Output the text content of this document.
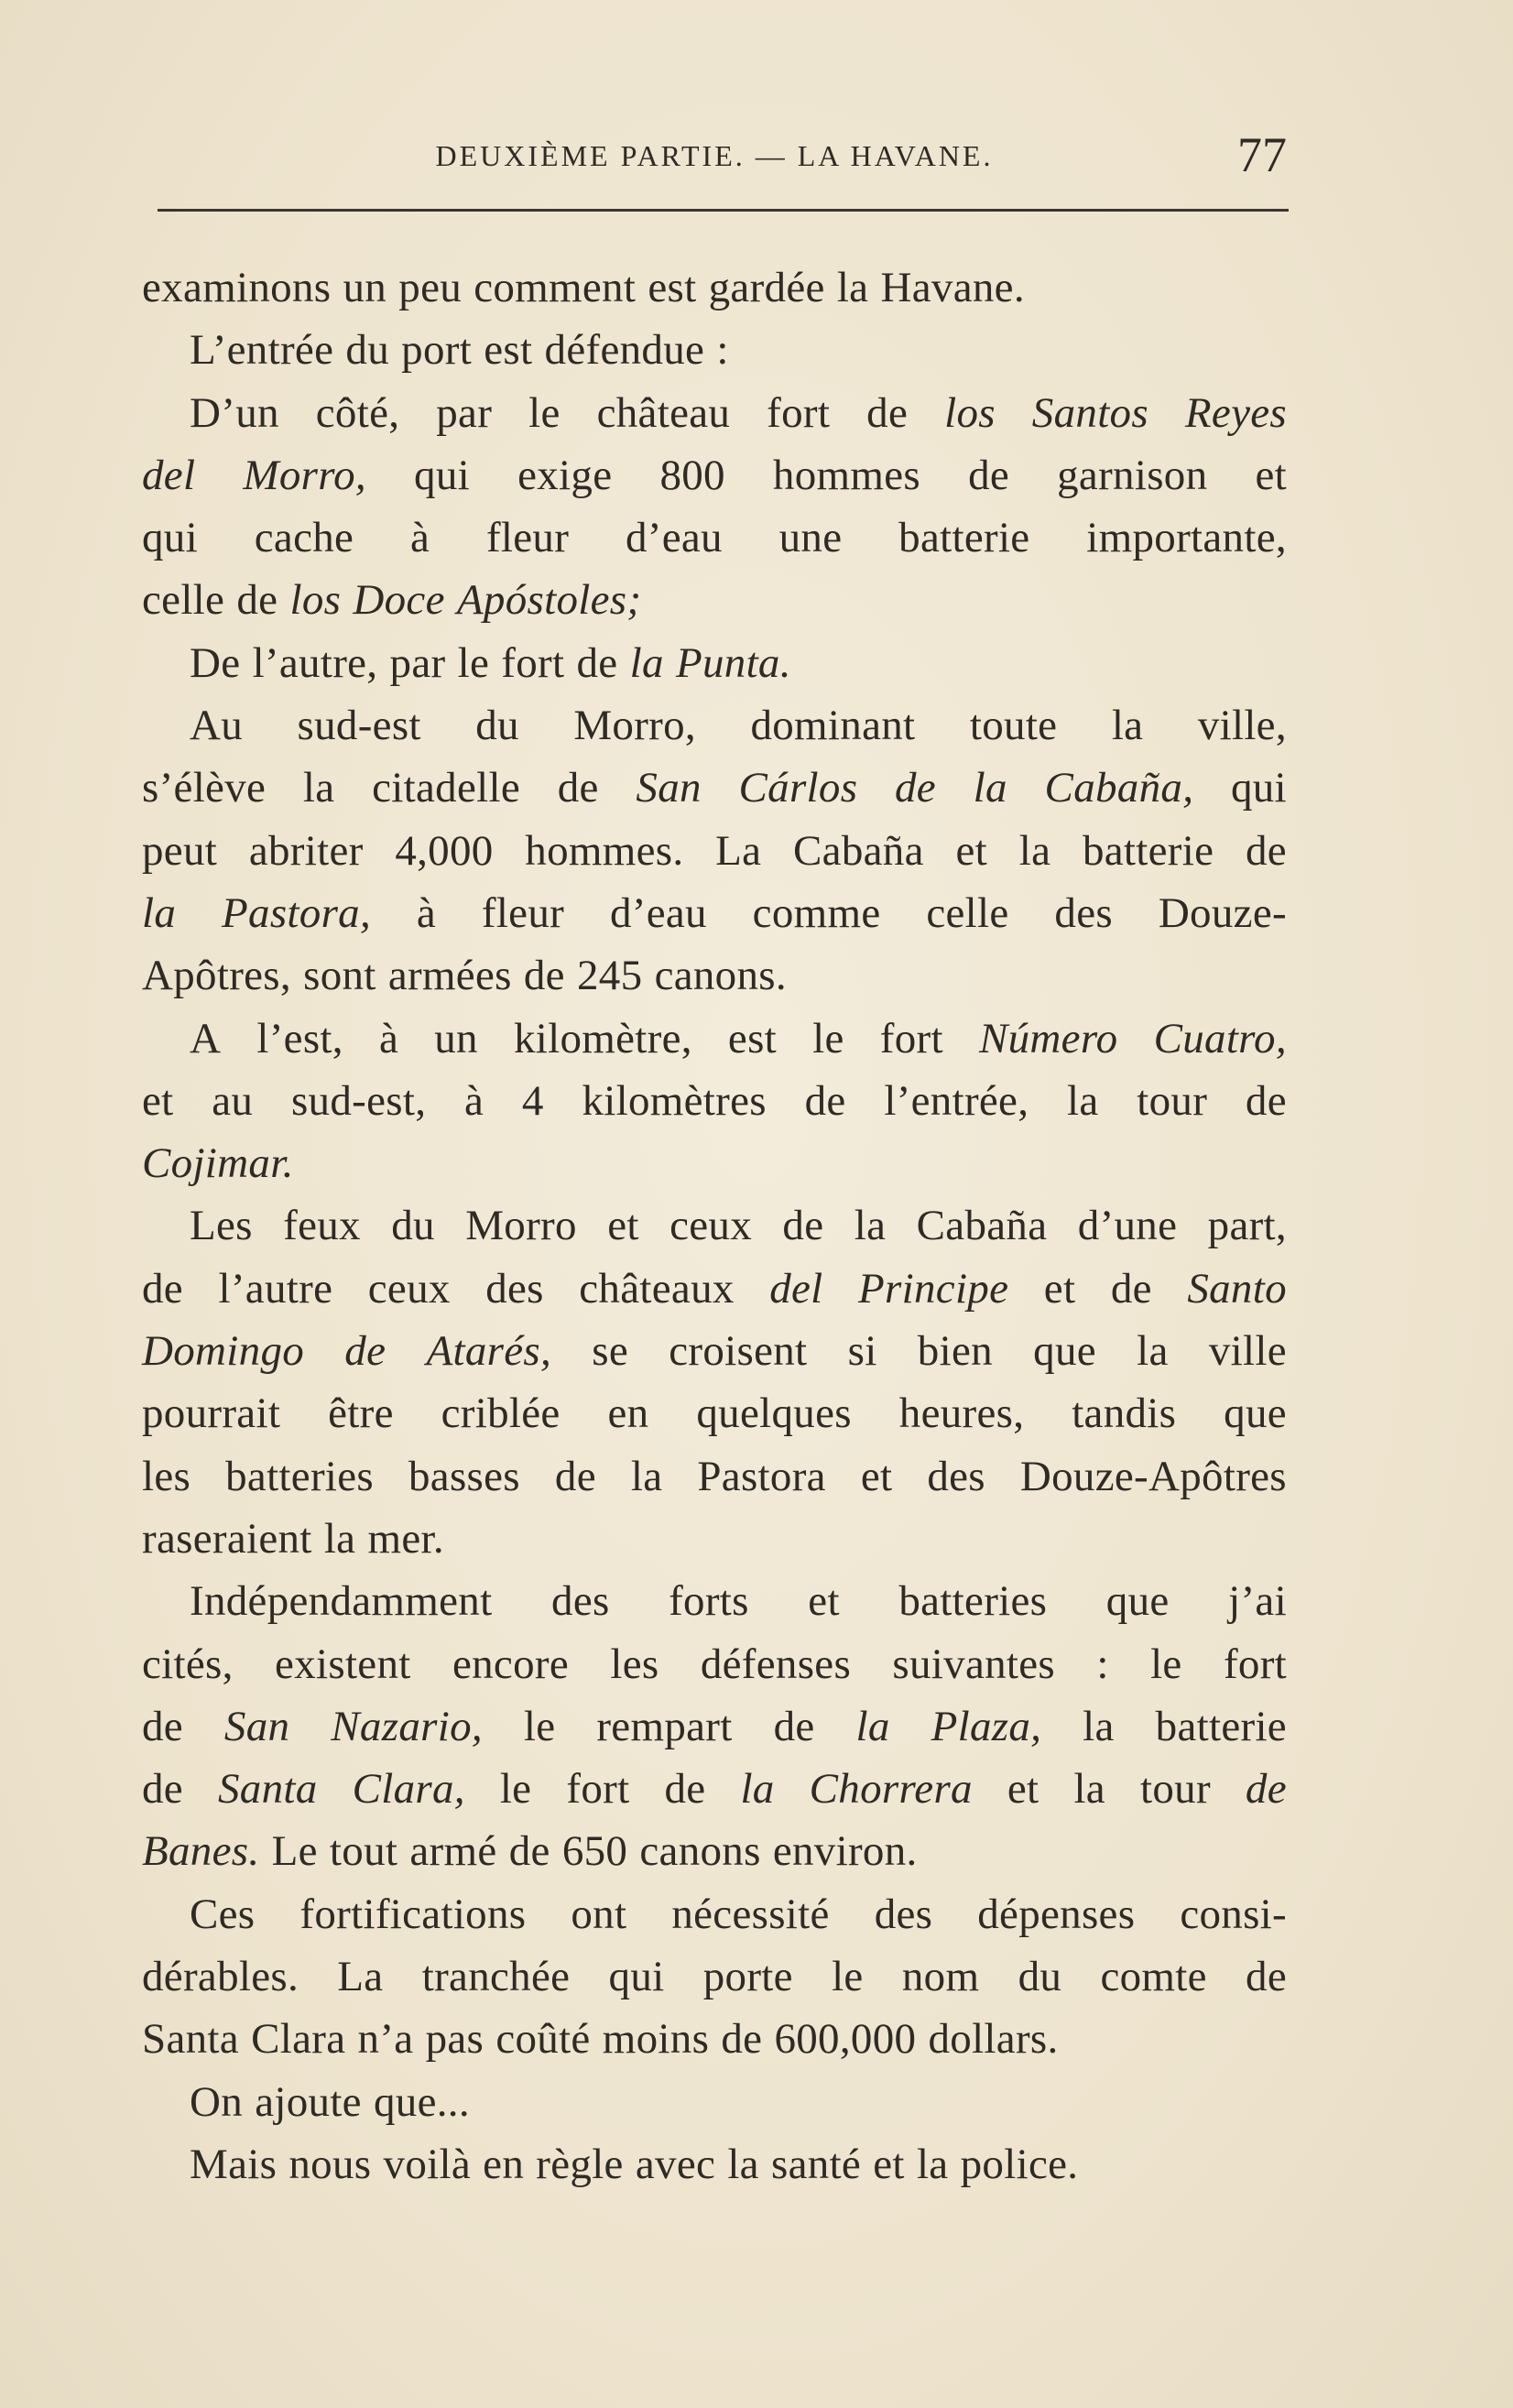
DEUXIÈME PARTIE. — LA HAVANE.	77
examinons un peu comment est gardée la Havane.
L’entrée du port est défendue :
D’un côté, par le château fort de los Santos Reyes
del Morro, qui exige 800 hommes de garnison et
qui cache à fleur d’eau une batterie importante,
celle de los Doce Apóstoles;
De l’autre, par le fort de la Punta.
Au sud-est du Morro, dominant toute la ville,
s’élève la citadelle de San Cárlos de la Cabaña, qui
peut abriter 4,000 hommes. La Cabaña et la batterie de
la Pastora, à fleur d’eau comme celle des Douze-
Apôtres, sont armées de 245 canons.
A l’est, à un kilomètre, est le fort Número Cuatro,
et au sud-est, à 4 kilomètres de l’entrée, la tour de
Cojimar.
Les feux du Morro et ceux de la Cabaña d’une part,
de l’autre ceux des châteaux del Principe et de Santo
Domingo de Atarés, se croisent si bien que la ville
pourrait être criblée en quelques heures, tandis que
les batteries basses de la Pastora et des Douze-Apôtres
raseraient la mer.
Indépendamment des forts et batteries que j’ai
cités, existent encore les défenses suivantes : le fort
de San Nazario, le rempart de la Plaza, la batterie
de Santa Clara, le fort de la Chorrera et la tour de
Banes. Le tout armé de 650 canons environ.
Ces fortifications ont nécessité des dépenses consi-
dérables. La tranchée qui porte le nom du comte de
Santa Clara n’a pas coûté moins de 600,000 dollars.
On ajoute que...
Mais nous voilà en règle avec la santé et la police.
